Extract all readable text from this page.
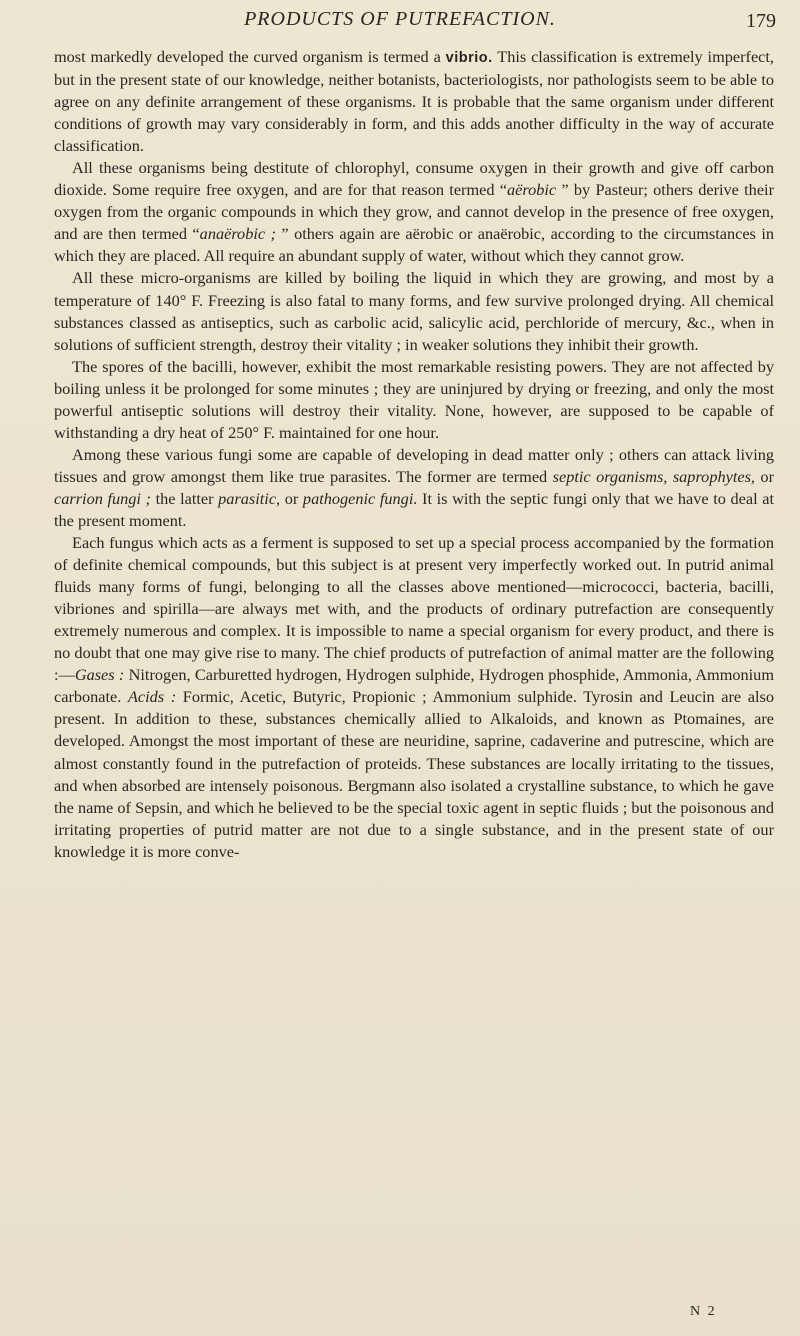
PRODUCTS OF PUTREFACTION.	179

most markedly developed the curved organism is termed a vibrio. This classification is extremely imperfect, but in the present state of our knowledge, neither botanists, bacteriologists, nor pathologists seem to be able to agree on any definite arrangement of these organisms. It is probable that the same organism under different conditions of growth may vary considerably in form, and this adds another difficulty in the way of accurate classification.

All these organisms being destitute of chlorophyl, consume oxygen in their growth and give off carbon dioxide. Some require free oxygen, and are for that reason termed “aërobic ” by Pasteur; others derive their oxygen from the organic compounds in which they grow, and cannot develop in the presence of free oxygen, and are then termed “anaërobic ; ” others again are aërobic or anaërobic, according to the circumstances in which they are placed. All require an abundant supply of water, without which they cannot grow.

All these micro-organisms are killed by boiling the liquid in which they are growing, and most by a temperature of 140° F. Freezing is also fatal to many forms, and few survive prolonged drying. All chemical substances classed as antiseptics, such as carbolic acid, salicylic acid, perchloride of mercury, &c., when in solutions of sufficient strength, destroy their vitality ; in weaker solutions they inhibit their growth.

The spores of the bacilli, however, exhibit the most remarkable resisting powers. They are not affected by boiling unless it be prolonged for some minutes ; they are uninjured by drying or freezing, and only the most powerful antiseptic solutions will destroy their vitality. None, however, are supposed to be capable of withstanding a dry heat of 250° F. maintained for one hour.

Among these various fungi some are capable of developing in dead matter only ; others can attack living tissues and grow amongst them like true parasites. The former are termed septic organisms, saprophytes, or carrion fungi ; the latter parasitic, or pathogenic fungi. It is with the septic fungi only that we have to deal at the present moment.

Each fungus which acts as a ferment is supposed to set up a special process accompanied by the formation of definite chemical compounds, but this subject is at present very imperfectly worked out. In putrid animal fluids many forms of fungi, belonging to all the classes above mentioned—micrococci, bacteria, bacilli, vibriones and spirilla—are always met with, and the products of ordinary putrefaction are consequently extremely numerous and complex. It is impossible to name a special organism for every product, and there is no doubt that one may give rise to many. The chief products of putrefaction of animal matter are the following :—Gases : Nitrogen, Carburetted hydrogen, Hydrogen sulphide, Hydrogen phosphide, Ammonia, Ammonium carbonate. Acids : Formic, Acetic, Butyric, Propionic ; Ammonium sulphide. Tyrosin and Leucin are also present. In addition to these, substances chemically allied to Alkaloids, and known as Ptomaines, are developed. Amongst the most important of these are neuridine, saprine, cadaverine and putrescine, which are almost constantly found in the putrefaction of proteids. These substances are locally irritating to the tissues, and when absorbed are intensely poisonous. Bergmann also isolated a crystalline substance, to which he gave the name of Sepsin, and which he believed to be the special toxic agent in septic fluids ; but the poisonous and irritating properties of putrid matter are not due to a single substance, and in the present state of our knowledge it is more conve-

N 2
